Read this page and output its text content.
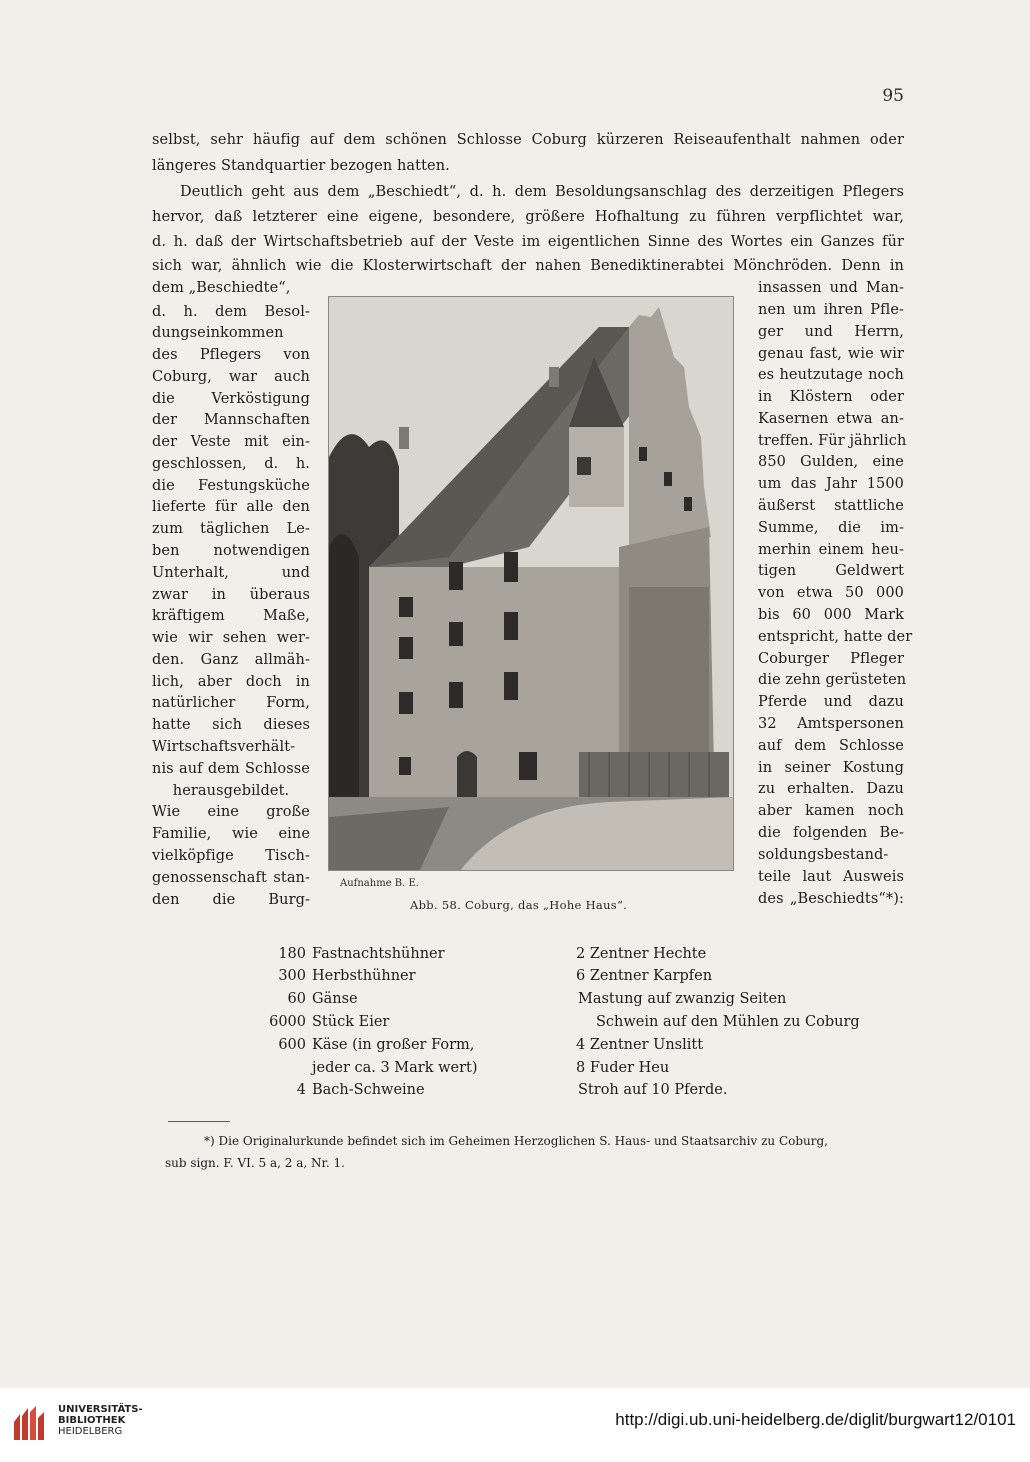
95
selbst, sehr häufig auf dem schönen Schlosse Coburg kürzeren Reiseaufenthalt nahmen oder
längeres Standquartier bezogen hatten.
Deutlich geht aus dem „Beschiedt“, d. h. dem Besoldungsanschlag des derzeitigen Pflegers
hervor, daß letzterer eine eigene, besondere, größere Hofhaltung zu führen verpflichtet war,
d. h. daß der Wirtschaftsbetrieb auf der Veste im eigentlichen Sinne des Wortes ein Ganzes für
sich war, ähnlich wie die Klosterwirtschaft der nahen Benediktinerabtei Mönchröden. Denn in
dem „Beschiedte“,
d. h. dem Besol-
dungseinkommen
des Pflegers von
Coburg, war auch
die Verköstigung
der Mannschaften
der Veste mit ein-
geschlossen, d. h.
die Festungsküche
lieferte für alle den
zum täglichen Le-
ben notwendigen
Unterhalt, und
zwar in überaus
kräftigem Maße,
wie wir sehen wer-
den. Ganz allmäh-
lich, aber doch in
natürlicher Form,
hatte sich dieses
Wirtschaftsverhält-
nis auf dem Schlosse
herausgebildet.
Wie eine große
Familie, wie eine
vielköpfige Tisch-
genossenschaft stan-
den die Burg-
insassen und Man-
nen um ihren Pfle-
ger und Herrn,
genau fast, wie wir
es heutzutage noch
in Klöstern oder
Kasernen etwa an-
treffen. Für jährlich
850 Gulden, eine
um das Jahr 1500
äußerst stattliche
Summe, die im-
merhin einem heu-
tigen Geldwert
von etwa 50 000
bis 60 000 Mark
entspricht, hatte der
Coburger Pfleger
die zehn gerüsteten
Pferde und dazu
32 Amtspersonen
auf dem Schlosse
in seiner Kostung
zu erhalten. Dazu
aber kamen noch
die folgenden Be-
soldungsbestand-
teile laut Ausweis
des „Beschiedts“*):
Aufnahme B. E.
Abb. 58. Coburg, das „Hohe Haus“.
180 Fastnachtshühner
300 Herbsthühner
60 Gänse
6000 Stück Eier
600 Käse (in großer Form,
jeder ca. 3 Mark wert)
4 Bach-Schweine
2 Zentner Hechte
6 Zentner Karpfen
Mastung auf zwanzig Seiten
Schwein auf den Mühlen zu Coburg
4 Zentner Unslitt
8 Fuder Heu
Stroh auf 10 Pferde.
*) Die Originalurkunde befindet sich im Geheimen Herzoglichen S. Haus- und Staatsarchiv zu Coburg,
sub sign. F. VI. 5 a, 2 a, Nr. 1.
UNIVERSITÄTS-
BIBLIOTHEK
HEIDELBERG
http://digi.ub.uni-heidelberg.de/diglit/burgwart12/0101
